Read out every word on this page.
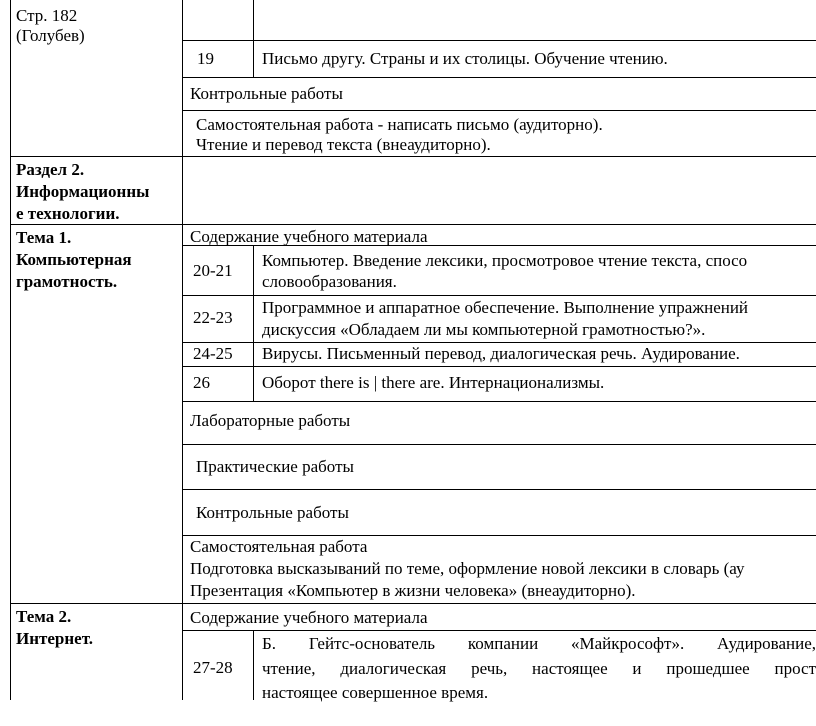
Стр. 182
(Голубев)
Раздел 2.
Информационны
е технологии.
Тема 1.
Компьютерная
грамотность.
Тема 2.
Интернет.
19	Письмо другу. Страны и их столицы. Обучение чтению.
Контрольные работы
Самостоятельная работа - написать письмо (аудиторно).
Чтение и перевод текста (внеаудиторно).
Содержание учебного материала
20-21
Компьютер. Введение лексики, просмотровое чтение текста, спосо
словообразования.
22-23
Программное и аппаратное обеспечение. Выполнение упражнений
дискуссия «Обладаем ли мы компьютерной грамотностью?».
24-25 Вирусы. Письменный перевод, диалогическая речь. Аудирование.
26	Оборот there is | there are. Интернационализмы.
Лабораторные работы
Практические работы
Контрольные работы
Самостоятельная работа
Подготовка высказываний по теме, оформление новой лексики в словарь (ау
Презентация «Компьютер в жизни человека» (внеаудиторно).
Содержание учебного материала
27-28
Б. Гейтс-основатель компании «Майкрософт». Аудирование,
чтение, диалогическая речь, настоящее и прошедшее прост
настоящее совершенное время.
